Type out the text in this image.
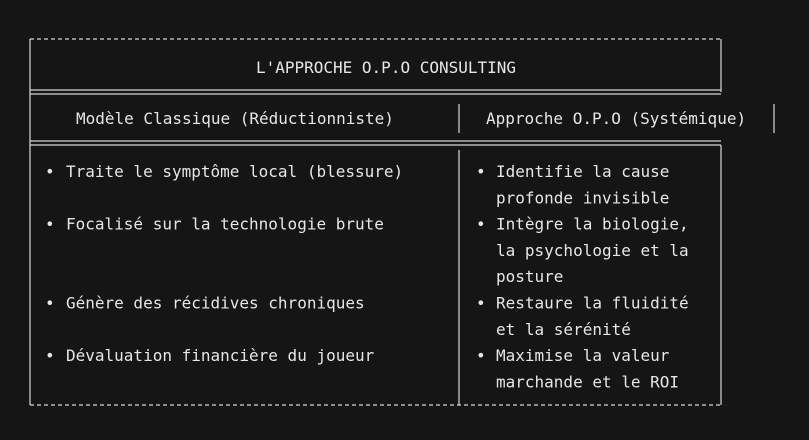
L'APPROCHE O.P.O CONSULTING
Modèle Classique (Réductionniste)	Approche O.P.O (Systémique)
•	•
Traite le symptôme local (blessure)	Identifie la cause
profonde invisible
•	•
Focalisé sur la technologie brute	Intègre la biologie,
la psychologie et la
posture
•	•
Génère des récidives chroniques	Restaure la fluidité
et la sérénité
•	•
Dévaluation financière du joueur	Maximise la valeur
marchande et le ROI
